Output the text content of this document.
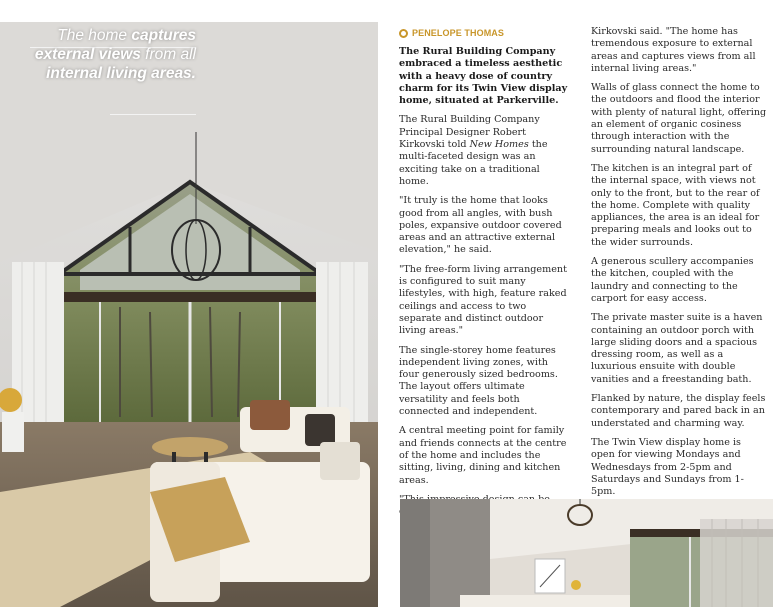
The home captures
external views from all
internal living areas.
PENELOPE THOMAS

The Rural Building Company embraced a timeless aesthetic with a heavy dose of country charm for its Twin View display home, situated at Parkerville.

The Rural Building Company Principal Designer Robert Kirkovski told New Homes the multi-faceted design was an exciting take on a traditional home.

"It truly is the home that looks good from all angles, with bush poles, expansive outdoor covered areas and an attractive external elevation," he said.

"The free-form living arrangement is configured to suit many lifestyles, with high, feature raked ceilings and access to two separate and distinct outdoor living areas."

The single-storey home features independent living zones, with four generously sized bedrooms. The layout offers ultimate versatility and feels both connected and independent.

A central meeting point for family and friends connects at the centre of the home and includes the sitting, living, dining and kitchen areas.

Kirkovski said. "The home has tremendous exposure to external areas and captures views from all internal living areas."

Walls of glass connect the home to the outdoors and flood the interior with plenty of natural light, offering an element of organic cosiness through interaction with the surrounding natural landscape.

The kitchen is an integral part of the internal space, with views not only to the front, but to the rear of the home. Complete with quality appliances, the area is an ideal for preparing meals and looks out to the wider surrounds.

A generous scullery accompanies the kitchen, coupled with the laundry and connecting to the carport for easy access.

The private master suite is a haven containing an outdoor porch with large sliding doors and a spacious dressing room, as well as a luxurious ensuite with double vanities and a freestanding bath.

Flanked by nature, the display feels contemporary and pared back in an understated and charming way.

The Twin View display home is open for viewing Mondays and Wednesdays from 2-5pm and Saturdays and Sundays from 1-5pm.
